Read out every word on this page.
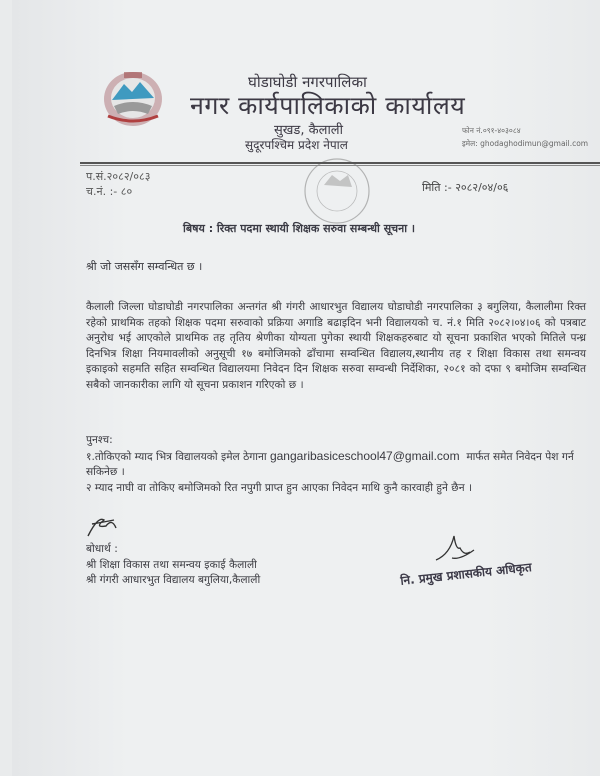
घोडाघोडी नगरपालिका
नगर कार्यपालिकाको कार्यालय
सुखड, कैलाली
सुदूरपश्चिम प्रदेश नेपाल
फोन नं.०९१-४०३०८४
इमेल: ghodaghodimun@gmail.com
प.सं.२०८२/०८३
च.नं. :- ८०	मिति :- २०८२/०४/०६
बिषय : रिक्त पदमा स्थायी शिक्षक सरुवा सम्बन्धी सूचना ।
श्री जो जससँग सम्वन्धित छ ।
कैलाली जिल्ला घोडाघोडी नगरपालिका अन्तगंत श्री गंगरी आधारभुत विद्यालय घोडाघोडी नगरपालिका ३ बगुलिया, कैलालीमा रिक्त रहेको प्राथमिक तहको शिक्षक पदमा सरुवाको प्रक्रिया अगाडि बढाइदिन भनी विद्यालयको च. नं.१ मिति २०८२।०४।०६ को पत्रबाट अनुरोध भई आएकोले प्राथमिक तह तृतिय श्रेणीका योग्यता पुगेका स्थायी शिक्षकहरुबाट यो सूचना प्रकाशित भएको मितिले पन्ध्र दिनभित्र शिक्षा नियमावलीको अनुसूची १७ बमोजिमको ढाँचामा सम्वन्धित विद्यालय,स्थानीय तह र शिक्षा विकास तथा समन्वय इकाइको सहमति सहित सम्वन्धित विद्यालयमा निवेदन दिन शिक्षक सरुवा सम्वन्धी निर्देशिका, २०८१ को दफा ९ बमोजिम सम्वन्धित सबैको जानकारीका लागि यो सूचना प्रकाशन गरिएको छ ।
पुनश्च:
१.तोकिएको म्याद भित्र विद्यालयको इमेल ठेगाना gangaribasiceschool47@gmail.com मार्फत समेत निवेदन पेश गर्न सकिनेछ ।
२ म्याद नाघी वा तोकिए बमोजिमको रित नपुगी प्राप्त हुन आएका निवेदन माथि कुनै कारवाही हुने छैन ।
बोधार्थ :
श्री शिक्षा विकास तथा समन्वय इकाई कैलाली
श्री गंगरी आधारभुत विद्यालय बगुलिया,कैलाली	नि. प्रमुख प्रशासकीय अधिकृत
